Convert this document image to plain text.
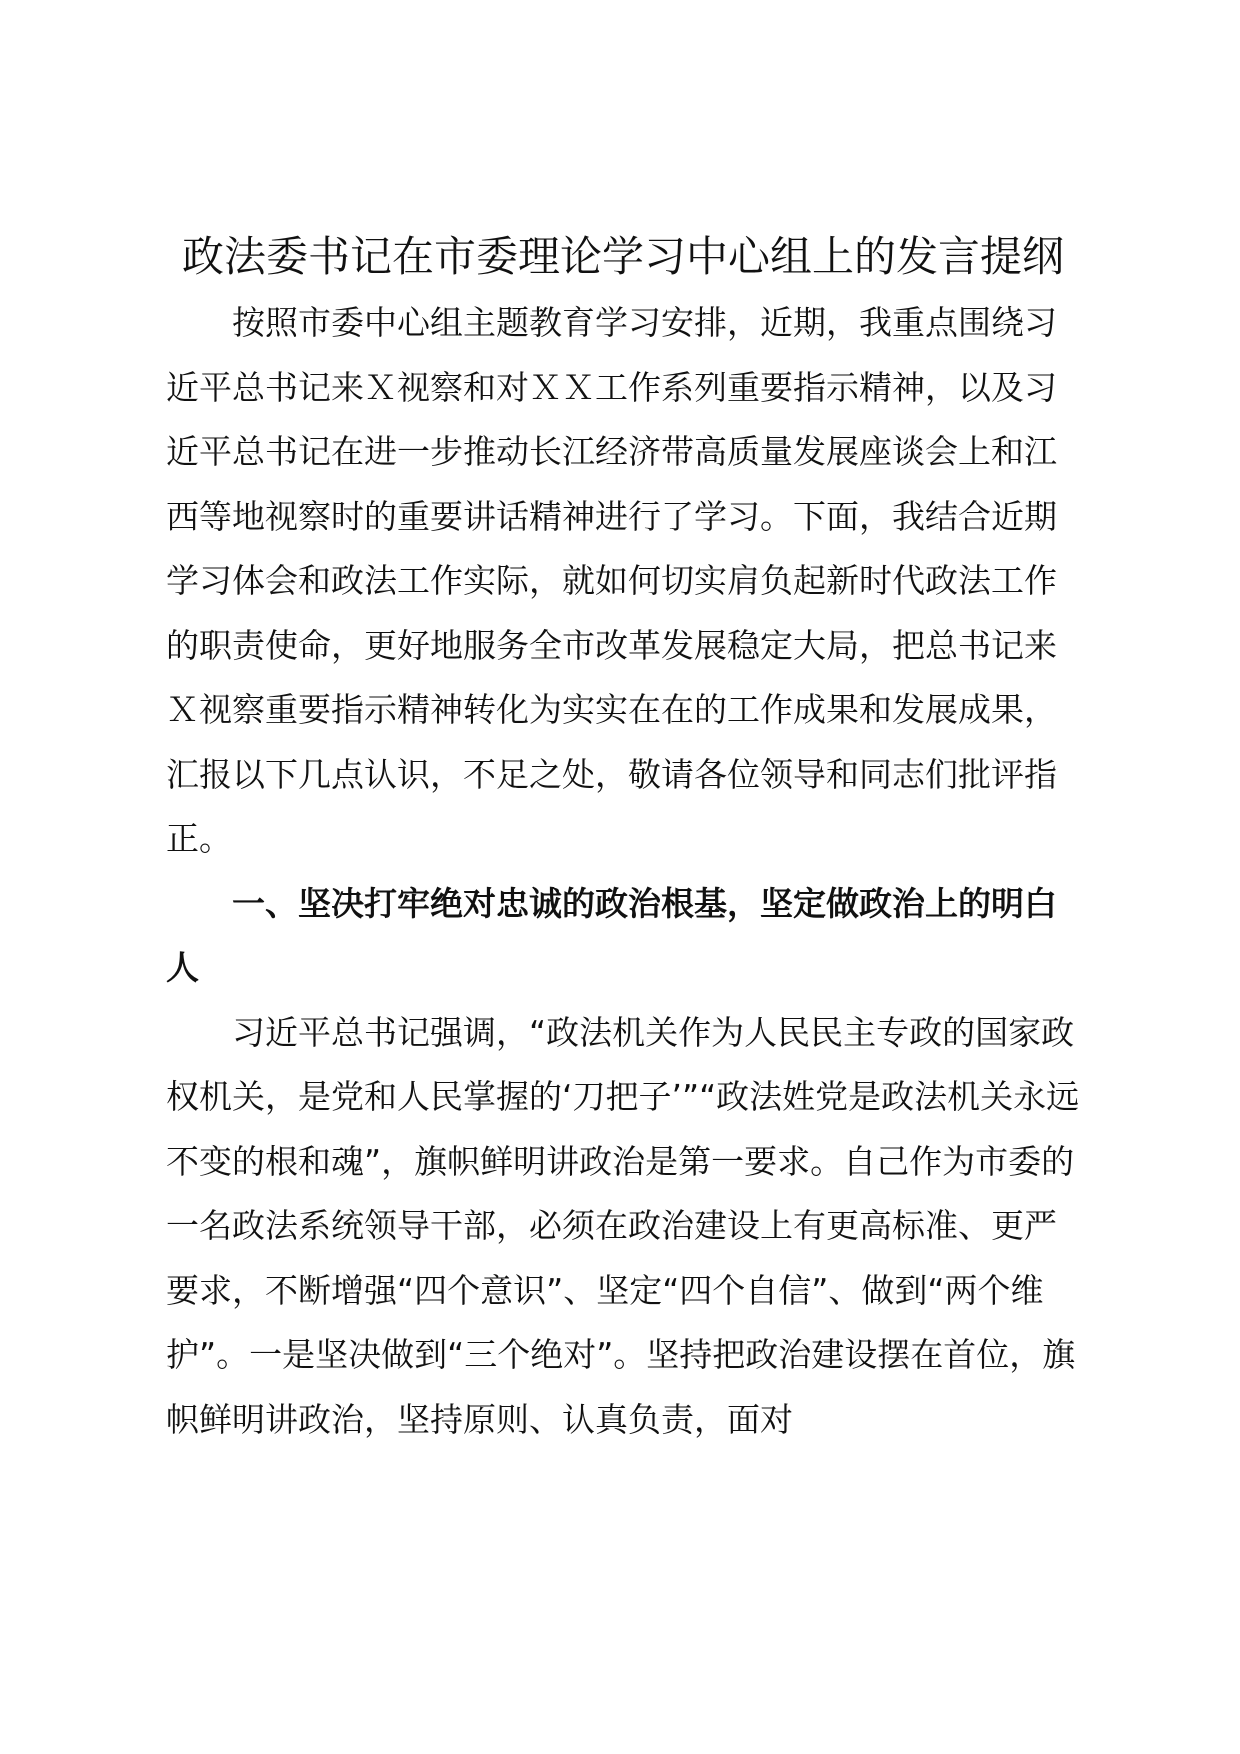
政法委书记在市委理论学习中心组上的发言提纲

按照市委中心组主题教育学习安排，近期，我重点围绕习近平总书记来Ｘ视察和对ＸＸ工作系列重要指示精神，以及习近平总书记在进一步推动长江经济带高质量发展座谈会上和江西等地视察时的重要讲话精神进行了学习。下面，我结合近期学习体会和政法工作实际，就如何切实肩负起新时代政法工作的职责使命，更好地服务全市改革发展稳定大局，把总书记来Ｘ视察重要指示精神转化为实实在在的工作成果和发展成果，汇报以下几点认识，不足之处，敬请各位领导和同志们批评指正。

一、坚决打牢绝对忠诚的政治根基，坚定做政治上的明白人

习近平总书记强调，“政法机关作为人民民主专政的国家政权机关，是党和人民掌握的‘刀把子’”“政法姓党是政法机关永远不变的根和魂”，旗帜鲜明讲政治是第一要求。自己作为市委的一名政法系统领导干部，必须在政治建设上有更高标准、更严要求，不断增强“四个意识”、坚定“四个自信”、做到“两个维护”。一是坚决做到“三个绝对”。坚持把政治建设摆在首位，旗帜鲜明讲政治，坚持原则、认真负责，面对
